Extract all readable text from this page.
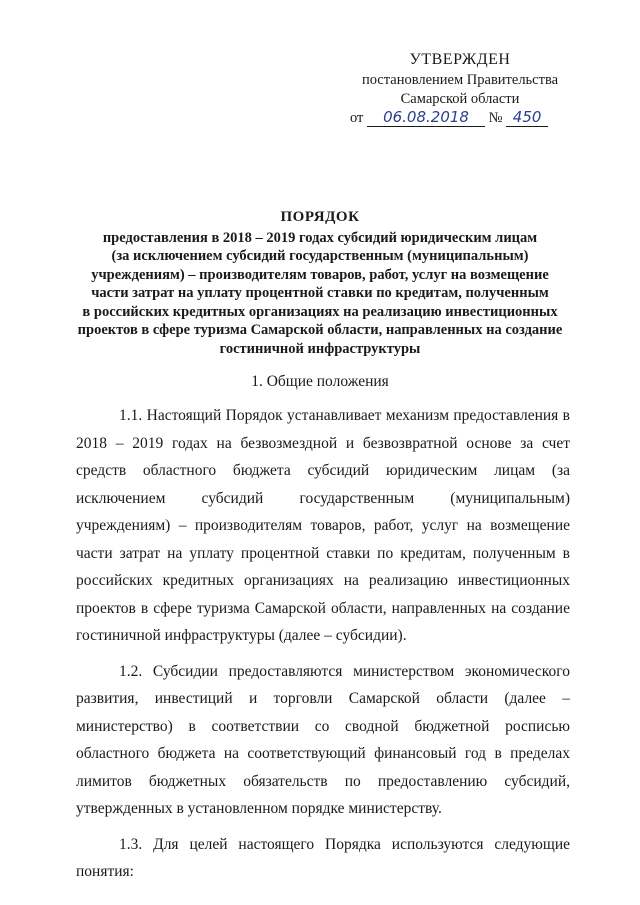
УТВЕРЖДЕН
постановлением Правительства
Самарской области
от 06.08.2018 № 450
ПОРЯДОК
предоставления в 2018 – 2019 годах субсидий юридическим лицам
(за исключением субсидий государственным (муниципальным)
учреждениям) – производителям товаров, работ, услуг на возмещение
части затрат на уплату процентной ставки по кредитам, полученным
в российских кредитных организациях на реализацию инвестиционных
проектов в сфере туризма Самарской области, направленных на создание
гостиничной инфраструктуры
1. Общие положения

1.1. Настоящий Порядок устанавливает механизм предоставления в 2018 – 2019 годах на безвозмездной и безвозвратной основе за счет средств областного бюджета субсидий юридическим лицам (за исключением субсидий государственным (муниципальным) учреждениям) – производителям товаров, работ, услуг на возмещение части затрат на уплату процентной ставки по кредитам, полученным в российских кредитных организациях на реализацию инвестиционных проектов в сфере туризма Самарской области, направленных на создание гостиничной инфраструктуры (далее – субсидии).

1.2. Субсидии предоставляются министерством экономического развития, инвестиций и торговли Самарской области (далее – министерство) в соответствии со сводной бюджетной росписью областного бюджета на соответствующий финансовый год в пределах лимитов бюджетных обязательств по предоставлению субсидий, утвержденных в установленном порядке министерству.

1.3. Для целей настоящего Порядка используются следующие понятия:
